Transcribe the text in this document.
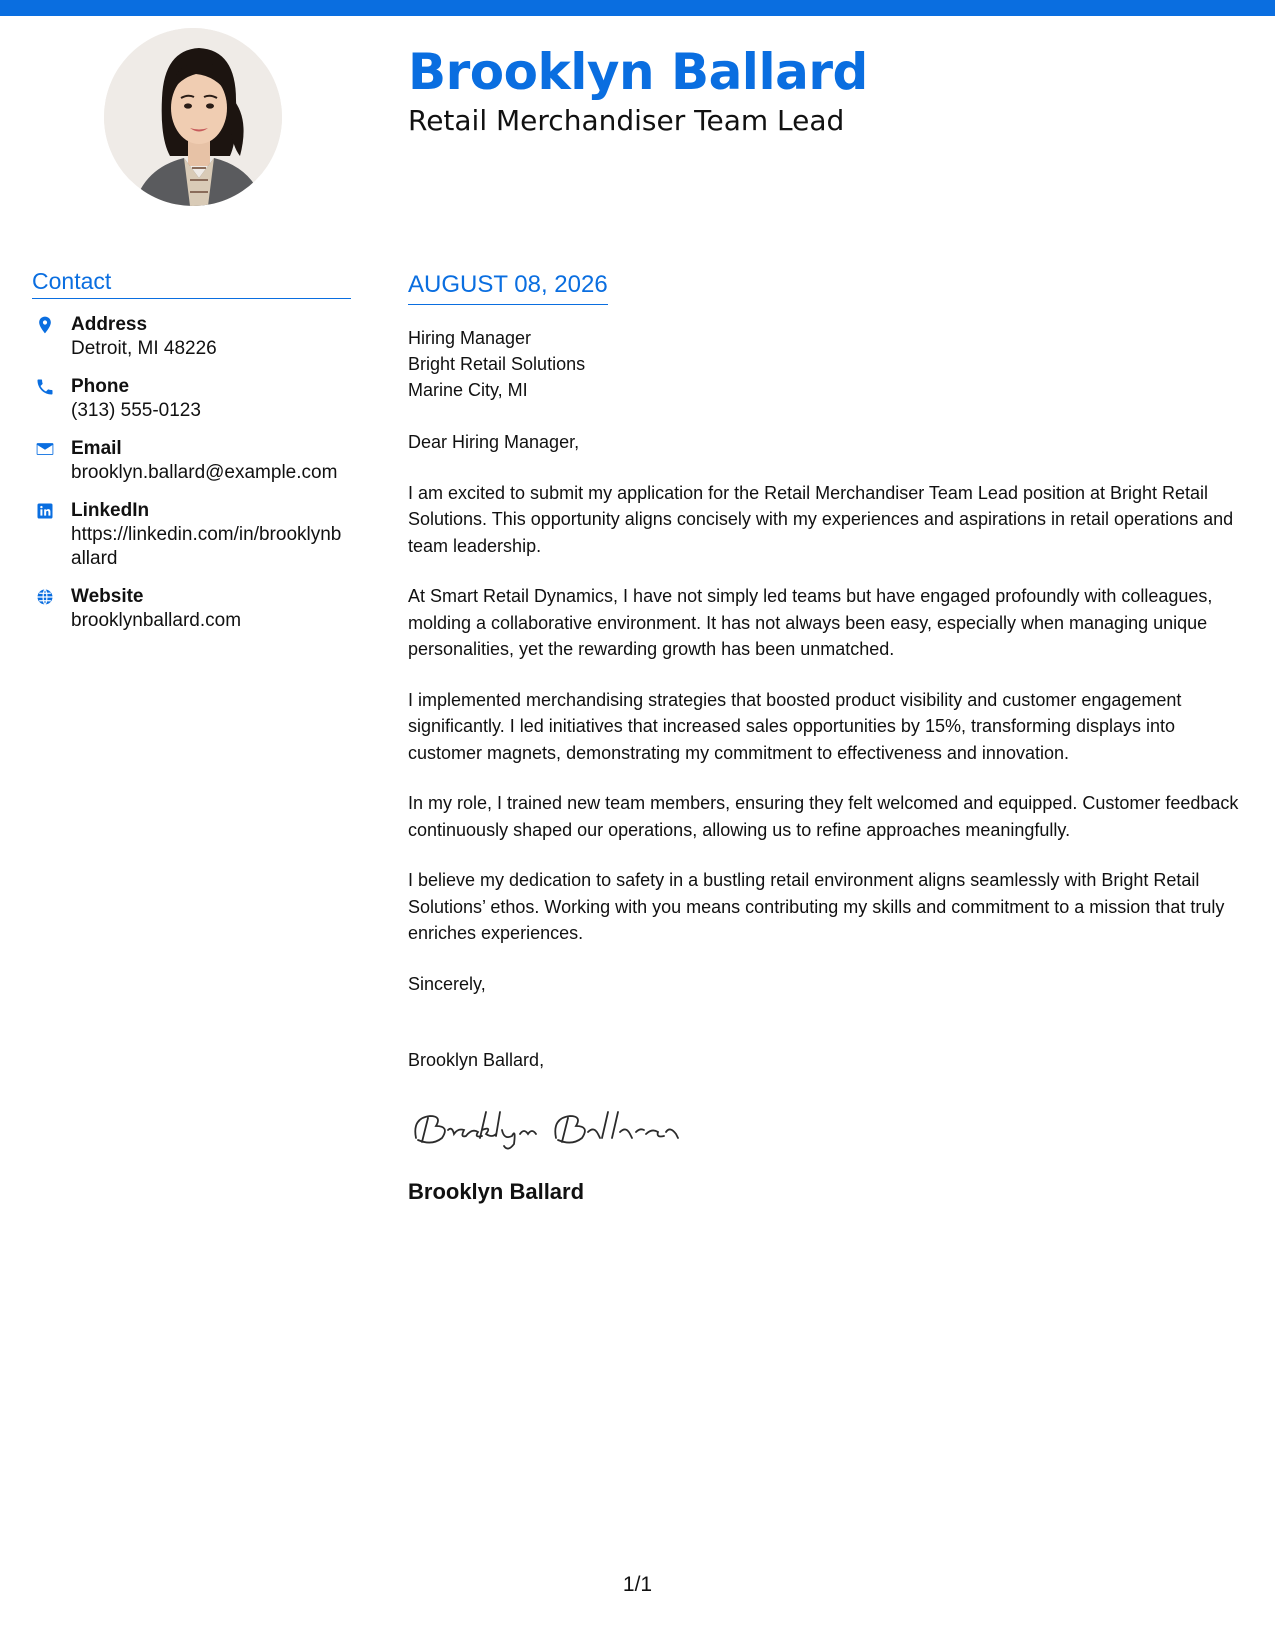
Brooklyn Ballard
Retail Merchandiser Team Lead
Contact
Address
Detroit, MI 48226
Phone
(313) 555-0123
Email
brooklyn.ballard@example.com
LinkedIn
https://linkedin.com/in/brooklynballard
Website
brooklynballard.com
AUGUST 08, 2026
Hiring Manager
Bright Retail Solutions
Marine City, MI

Dear Hiring Manager,

I am excited to submit my application for the Retail Merchandiser Team Lead position at Bright Retail Solutions. This opportunity aligns concisely with my experiences and aspirations in retail operations and team leadership.

At Smart Retail Dynamics, I have not simply led teams but have engaged profoundly with colleagues, molding a collaborative environment. It has not always been easy, especially when managing unique personalities, yet the rewarding growth has been unmatched.

I implemented merchandising strategies that boosted product visibility and customer engagement significantly. I led initiatives that increased sales opportunities by 15%, transforming displays into customer magnets, demonstrating my commitment to effectiveness and innovation.

In my role, I trained new team members, ensuring they felt welcomed and equipped. Customer feedback continuously shaped our operations, allowing us to refine approaches meaningfully.

I believe my dedication to safety in a bustling retail environment aligns seamlessly with Bright Retail Solutions’ ethos. Working with you means contributing my skills and commitment to a mission that truly enriches experiences.

Sincerely,

Brooklyn Ballard,

Brooklyn Ballard
1/1
